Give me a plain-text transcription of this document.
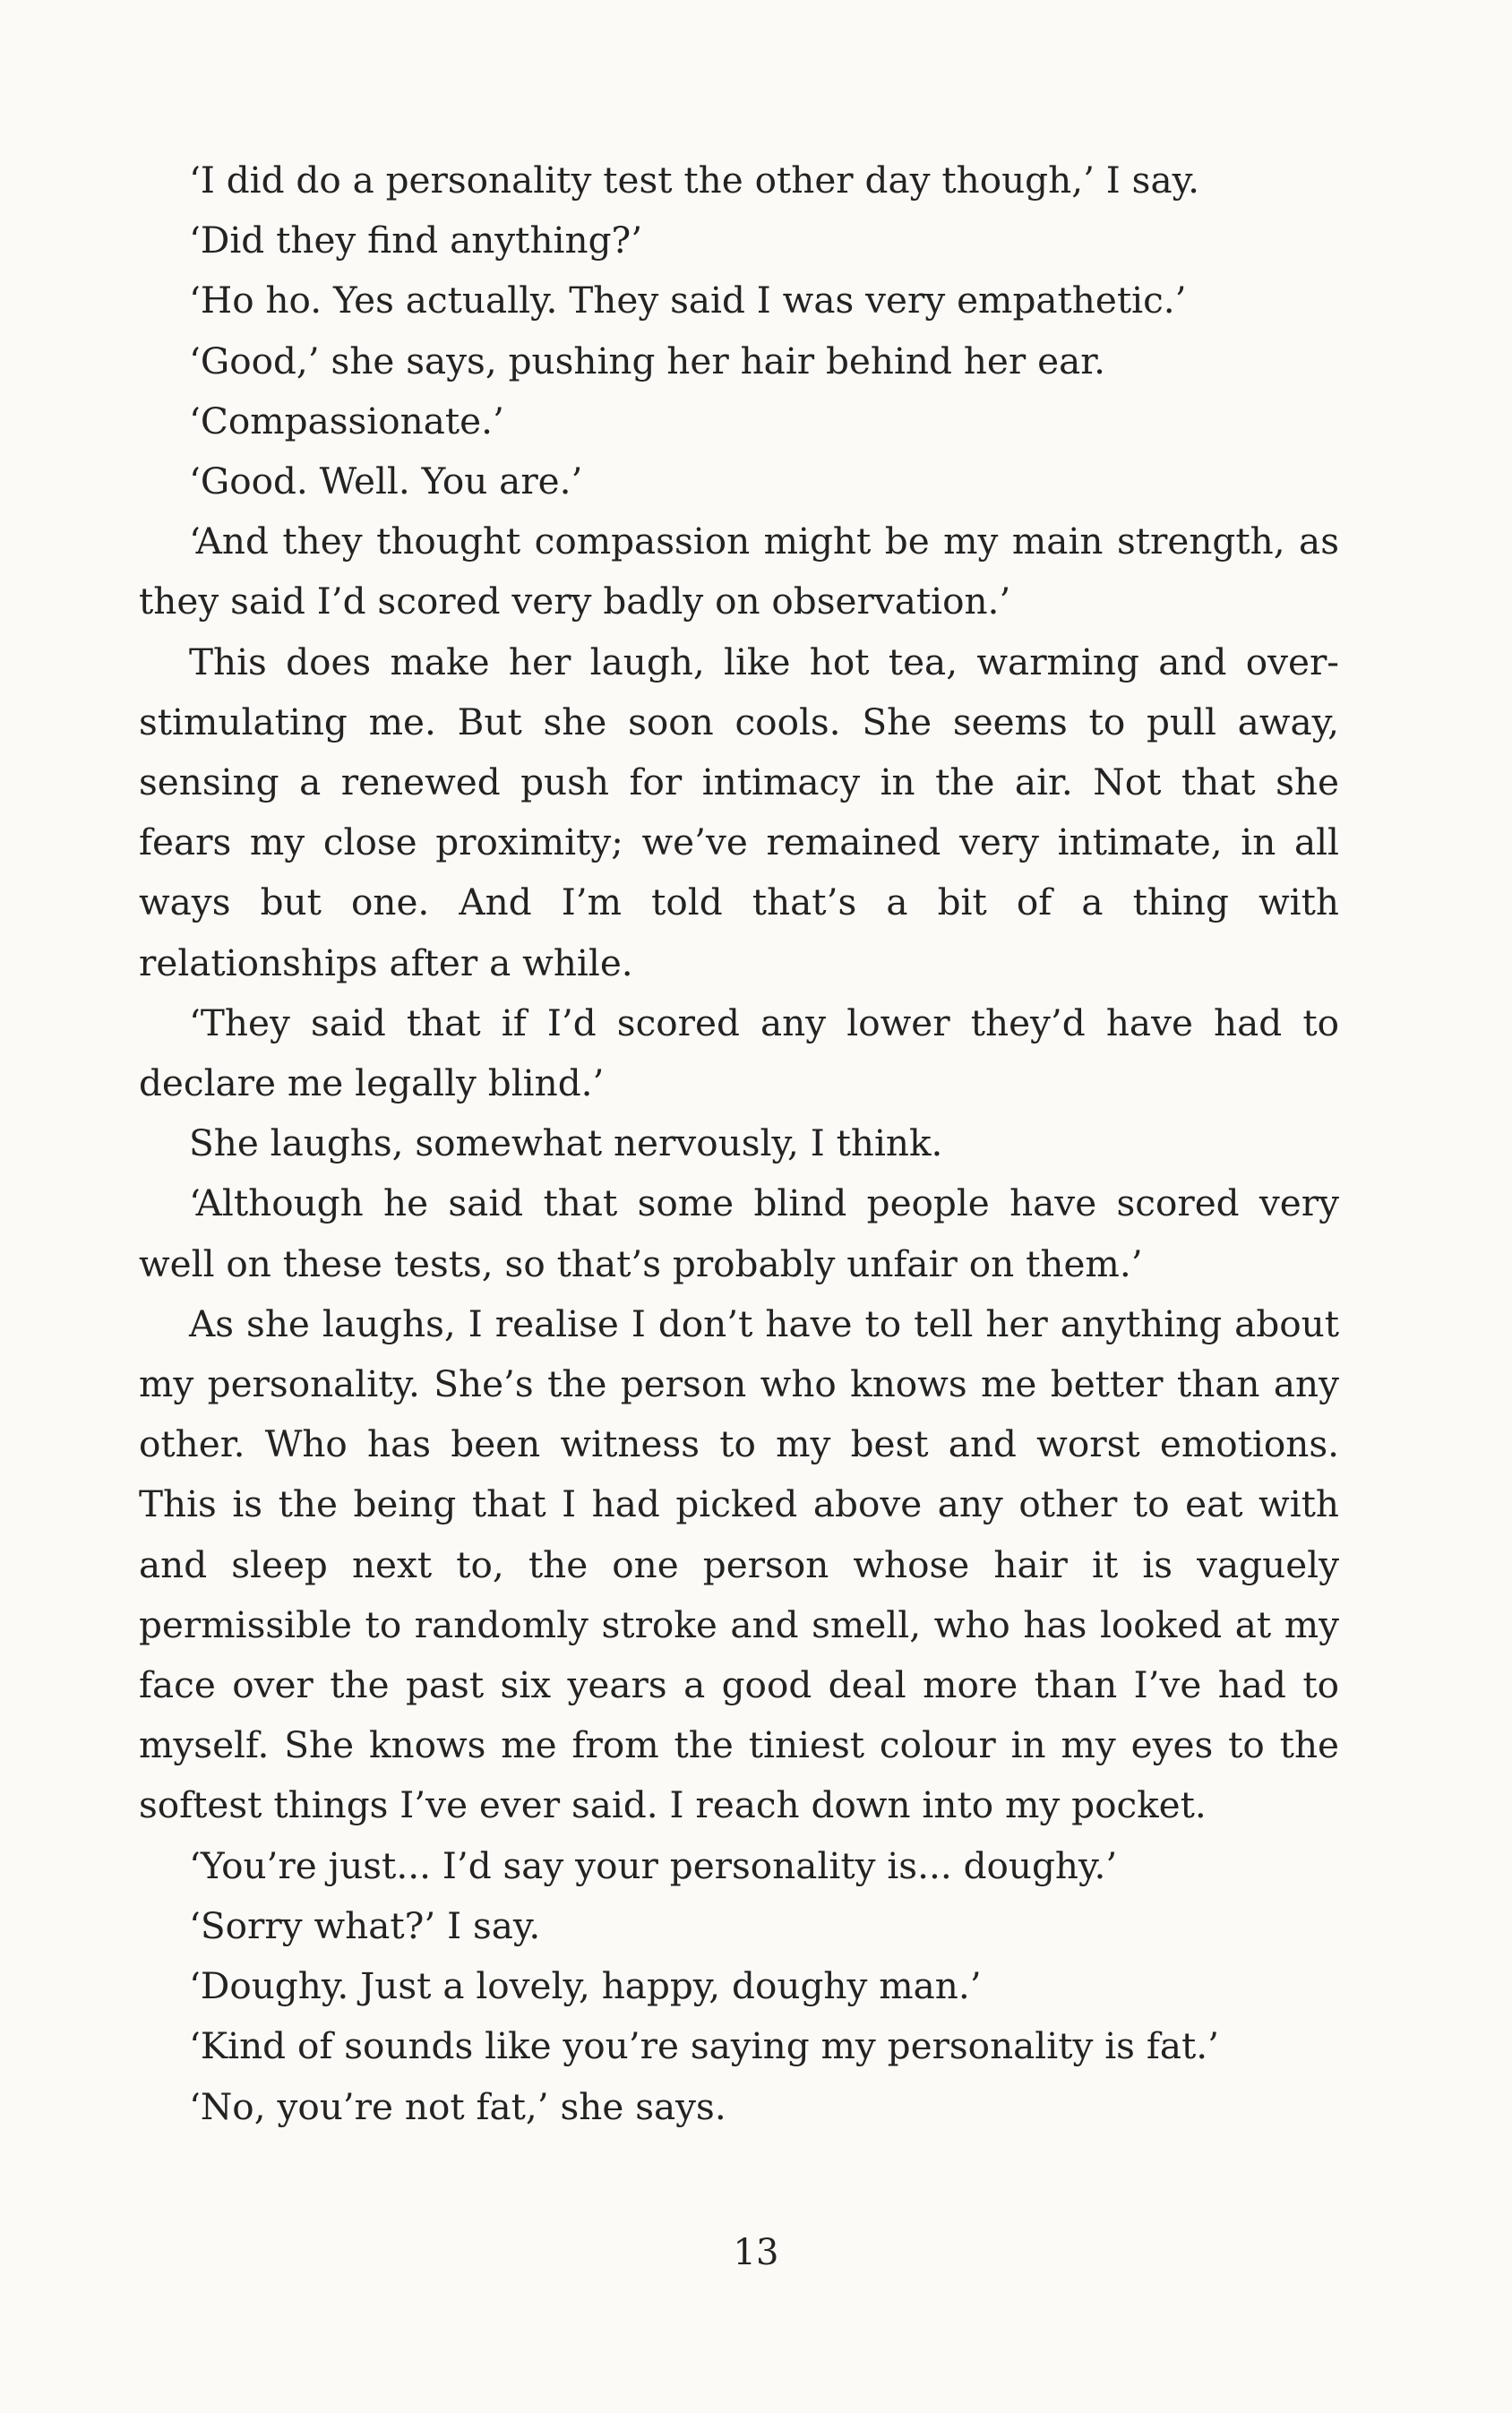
‘I did do a personality test the other day though,’ I say.

‘Did they find anything?’

‘Ho ho. Yes actually. They said I was very empathetic.’

‘Good,’ she says, pushing her hair behind her ear.

‘Compassionate.’

‘Good. Well. You are.’

‘And they thought compassion might be my main strength, as they said I’d scored very badly on observation.’

This does make her laugh, like hot tea, warming and over-stimulating me. But she soon cools. She seems to pull away, sensing a renewed push for intimacy in the air. Not that she fears my close proximity; we’ve remained very intimate, in all ways but one. And I’m told that’s a bit of a thing with relationships after a while.

‘They said that if I’d scored any lower they’d have had to declare me legally blind.’

She laughs, somewhat nervously, I think.

‘Although he said that some blind people have scored very well on these tests, so that’s probably unfair on them.’

As she laughs, I realise I don’t have to tell her anything about my personality. She’s the person who knows me better than any other. Who has been witness to my best and worst emotions. This is the being that I had picked above any other to eat with and sleep next to, the one person whose hair it is vaguely permissible to randomly stroke and smell, who has looked at my face over the past six years a good deal more than I’ve had to myself. She knows me from the tiniest colour in my eyes to the softest things I’ve ever said. I reach down into my pocket.

‘You’re just... I’d say your personality is... doughy.’

‘Sorry what?’ I say.

‘Doughy. Just a lovely, happy, doughy man.’

‘Kind of sounds like you’re saying my personality is fat.’

‘No, you’re not fat,’ she says.

13
